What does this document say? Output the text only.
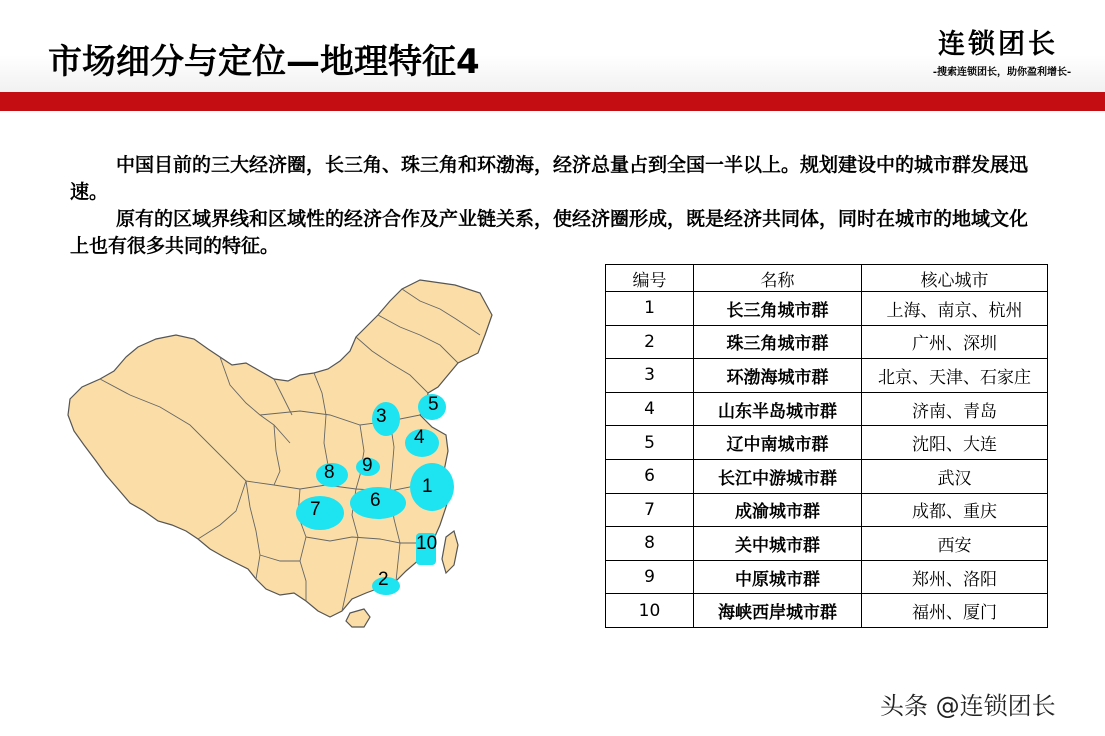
市场细分与定位—地理特征4	连锁团长
-搜索连锁团长，助你盈利增长-

中国目前的三大经济圈，长三角、珠三角和环渤海，经济总量占到全国一半以上。规划建设中的城市群发展迅速。

原有的区域界线和区域性的经济合作及产业链关系，使经济圈形成，既是经济共同体，同时在城市的地域文化上也有很多共同的特征。

1
2
3
4
5
6
7
8 9
10
编号	名称	核心城市
1	长三角城市群	上海、南京、杭州
2	珠三角城市群	广州、深圳
3	环渤海城市群	北京、天津、石家庄
4	山东半岛城市群	济南、青岛
5	辽中南城市群	沈阳、大连
6	长江中游城市群	武汉
7	成渝城市群	成都、重庆
8	关中城市群	西安
9	中原城市群	郑州、洛阳
10	海峡西岸城市群	福州、厦门
头条 @连锁团长
